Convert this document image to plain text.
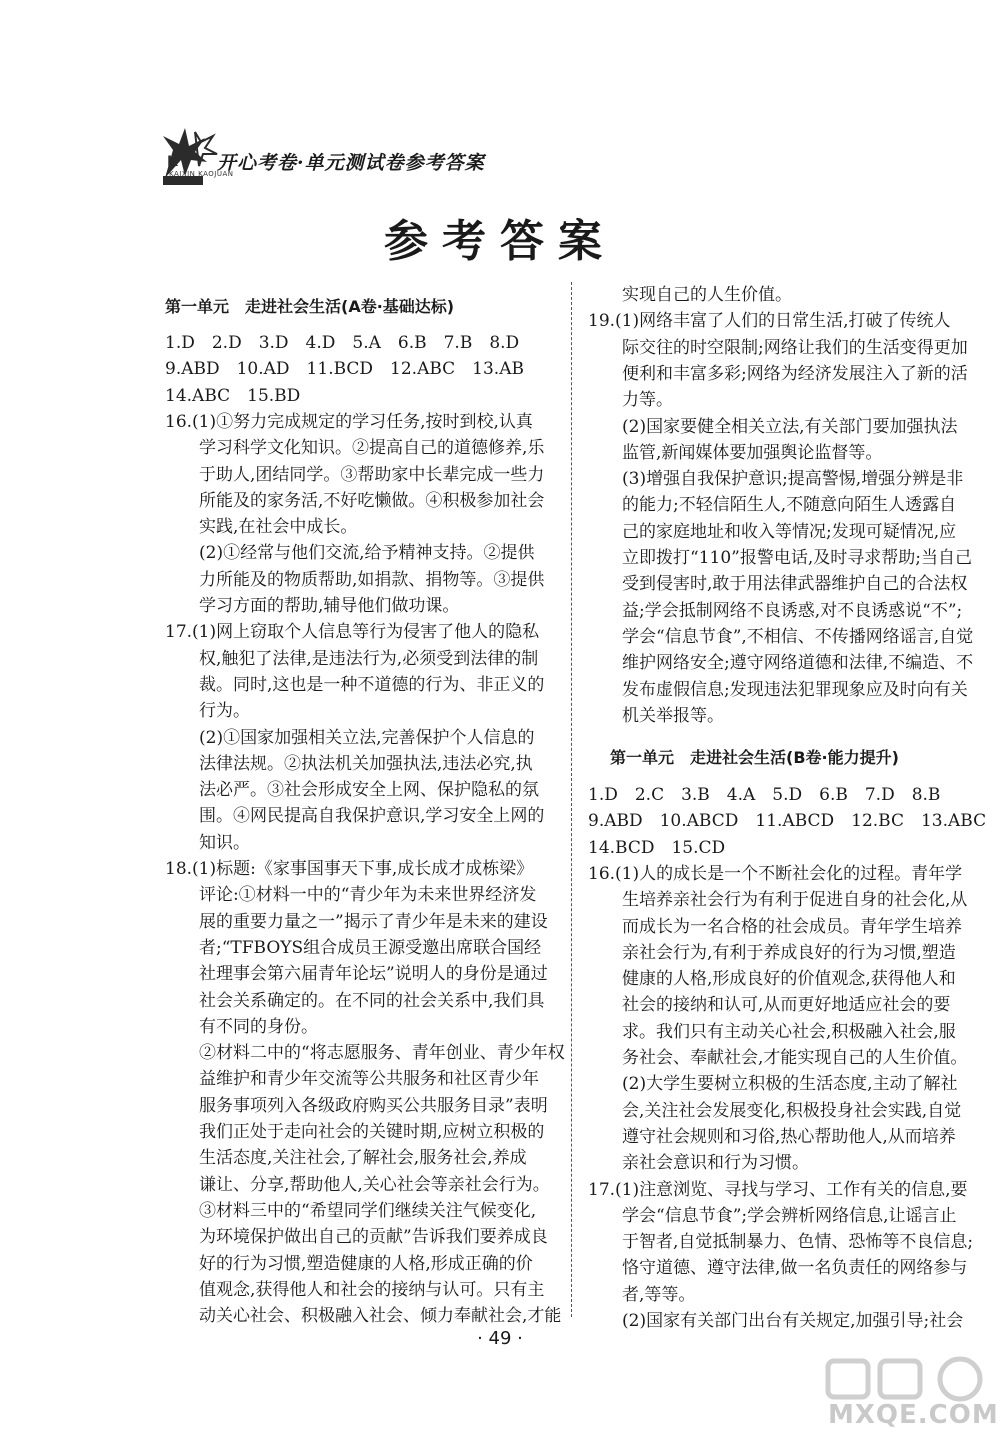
K
KAIXIN KAOJUAN
开心考卷·单元测试卷参考答案
参考答案
第一单元　走进社会生活(A卷·基础达标)
1.D　2.D　3.D　4.D　5.A　6.B　7.B　8.D
9.ABD　10.AD　11.BCD　12.ABC　13.AB
14.ABC　15.BD
16.(1)①努力完成规定的学习任务,按时到校,认真
　　学习科学文化知识。②提高自己的道德修养,乐
　　于助人,团结同学。③帮助家中长辈完成一些力
　　所能及的家务活,不好吃懒做。④积极参加社会
　　实践,在社会中成长。
　　(2)①经常与他们交流,给予精神支持。②提供
　　力所能及的物质帮助,如捐款、捐物等。③提供
　　学习方面的帮助,辅导他们做功课。
17.(1)网上窃取个人信息等行为侵害了他人的隐私
　　权,触犯了法律,是违法行为,必须受到法律的制
　　裁。同时,这也是一种不道德的行为、非正义的
　　行为。
　　(2)①国家加强相关立法,完善保护个人信息的
　　法律法规。②执法机关加强执法,违法必究,执
　　法必严。③社会形成安全上网、保护隐私的氛
　　围。④网民提高自我保护意识,学习安全上网的
　　知识。
18.(1)标题:《家事国事天下事,成长成才成栋梁》
　　评论:①材料一中的“青少年为未来世界经济发
　　展的重要力量之一”揭示了青少年是未来的建设
　　者;“TFBOYS组合成员王源受邀出席联合国经
　　社理事会第六届青年论坛”说明人的身份是通过
　　社会关系确定的。在不同的社会关系中,我们具
　　有不同的身份。
　　②材料二中的“将志愿服务、青年创业、青少年权
　　益维护和青少年交流等公共服务和社区青少年
　　服务事项列入各级政府购买公共服务目录”表明
　　我们正处于走向社会的关键时期,应树立积极的
　　生活态度,关注社会,了解社会,服务社会,养成
　　谦让、分享,帮助他人,关心社会等亲社会行为。
　　③材料三中的“希望同学们继续关注气候变化,
　　为环境保护做出自己的贡献”告诉我们要养成良
　　好的行为习惯,塑造健康的人格,形成正确的价
　　值观念,获得他人和社会的接纳与认可。只有主
　　动关心社会、积极融入社会、倾力奉献社会,才能
　　实现自己的人生价值。
19.(1)网络丰富了人们的日常生活,打破了传统人
　　际交往的时空限制;网络让我们的生活变得更加
　　便利和丰富多彩;网络为经济发展注入了新的活
　　力等。
　　(2)国家要健全相关立法,有关部门要加强执法
　　监管,新闻媒体要加强舆论监督等。
　　(3)增强自我保护意识;提高警惕,增强分辨是非
　　的能力;不轻信陌生人,不随意向陌生人透露自
　　己的家庭地址和收入等情况;发现可疑情况,应
　　立即拨打“110”报警电话,及时寻求帮助;当自己
　　受到侵害时,敢于用法律武器维护自己的合法权
　　益;学会抵制网络不良诱惑,对不良诱惑说“不”;
　　学会“信息节食”,不相信、不传播网络谣言,自觉
　　维护网络安全;遵守网络道德和法律,不编造、不
　　发布虚假信息;发现违法犯罪现象应及时向有关
　　机关举报等。
第一单元　走进社会生活(B卷·能力提升)
1.D　2.C　3.B　4.A　5.D　6.B　7.D　8.B
9.ABD　10.ABCD　11.ABCD　12.BC　13.ABC
14.BCD　15.CD
16.(1)人的成长是一个不断社会化的过程。青年学
　　生培养亲社会行为有利于促进自身的社会化,从
　　而成长为一名合格的社会成员。青年学生培养
　　亲社会行为,有利于养成良好的行为习惯,塑造
　　健康的人格,形成良好的价值观念,获得他人和
　　社会的接纳和认可,从而更好地适应社会的要
　　求。我们只有主动关心社会,积极融入社会,服
　　务社会、奉献社会,才能实现自己的人生价值。
　　(2)大学生要树立积极的生活态度,主动了解社
　　会,关注社会发展变化,积极投身社会实践,自觉
　　遵守社会规则和习俗,热心帮助他人,从而培养
　　亲社会意识和行为习惯。
17.(1)注意浏览、寻找与学习、工作有关的信息,要
　　学会“信息节食”;学会辨析网络信息,让谣言止
　　于智者,自觉抵制暴力、色情、恐怖等不良信息;
　　恪守道德、遵守法律,做一名负责任的网络参与
　　者,等等。
　　(2)国家有关部门出台有关规定,加强引导;社会
· 49 ·
MXQE.COM
